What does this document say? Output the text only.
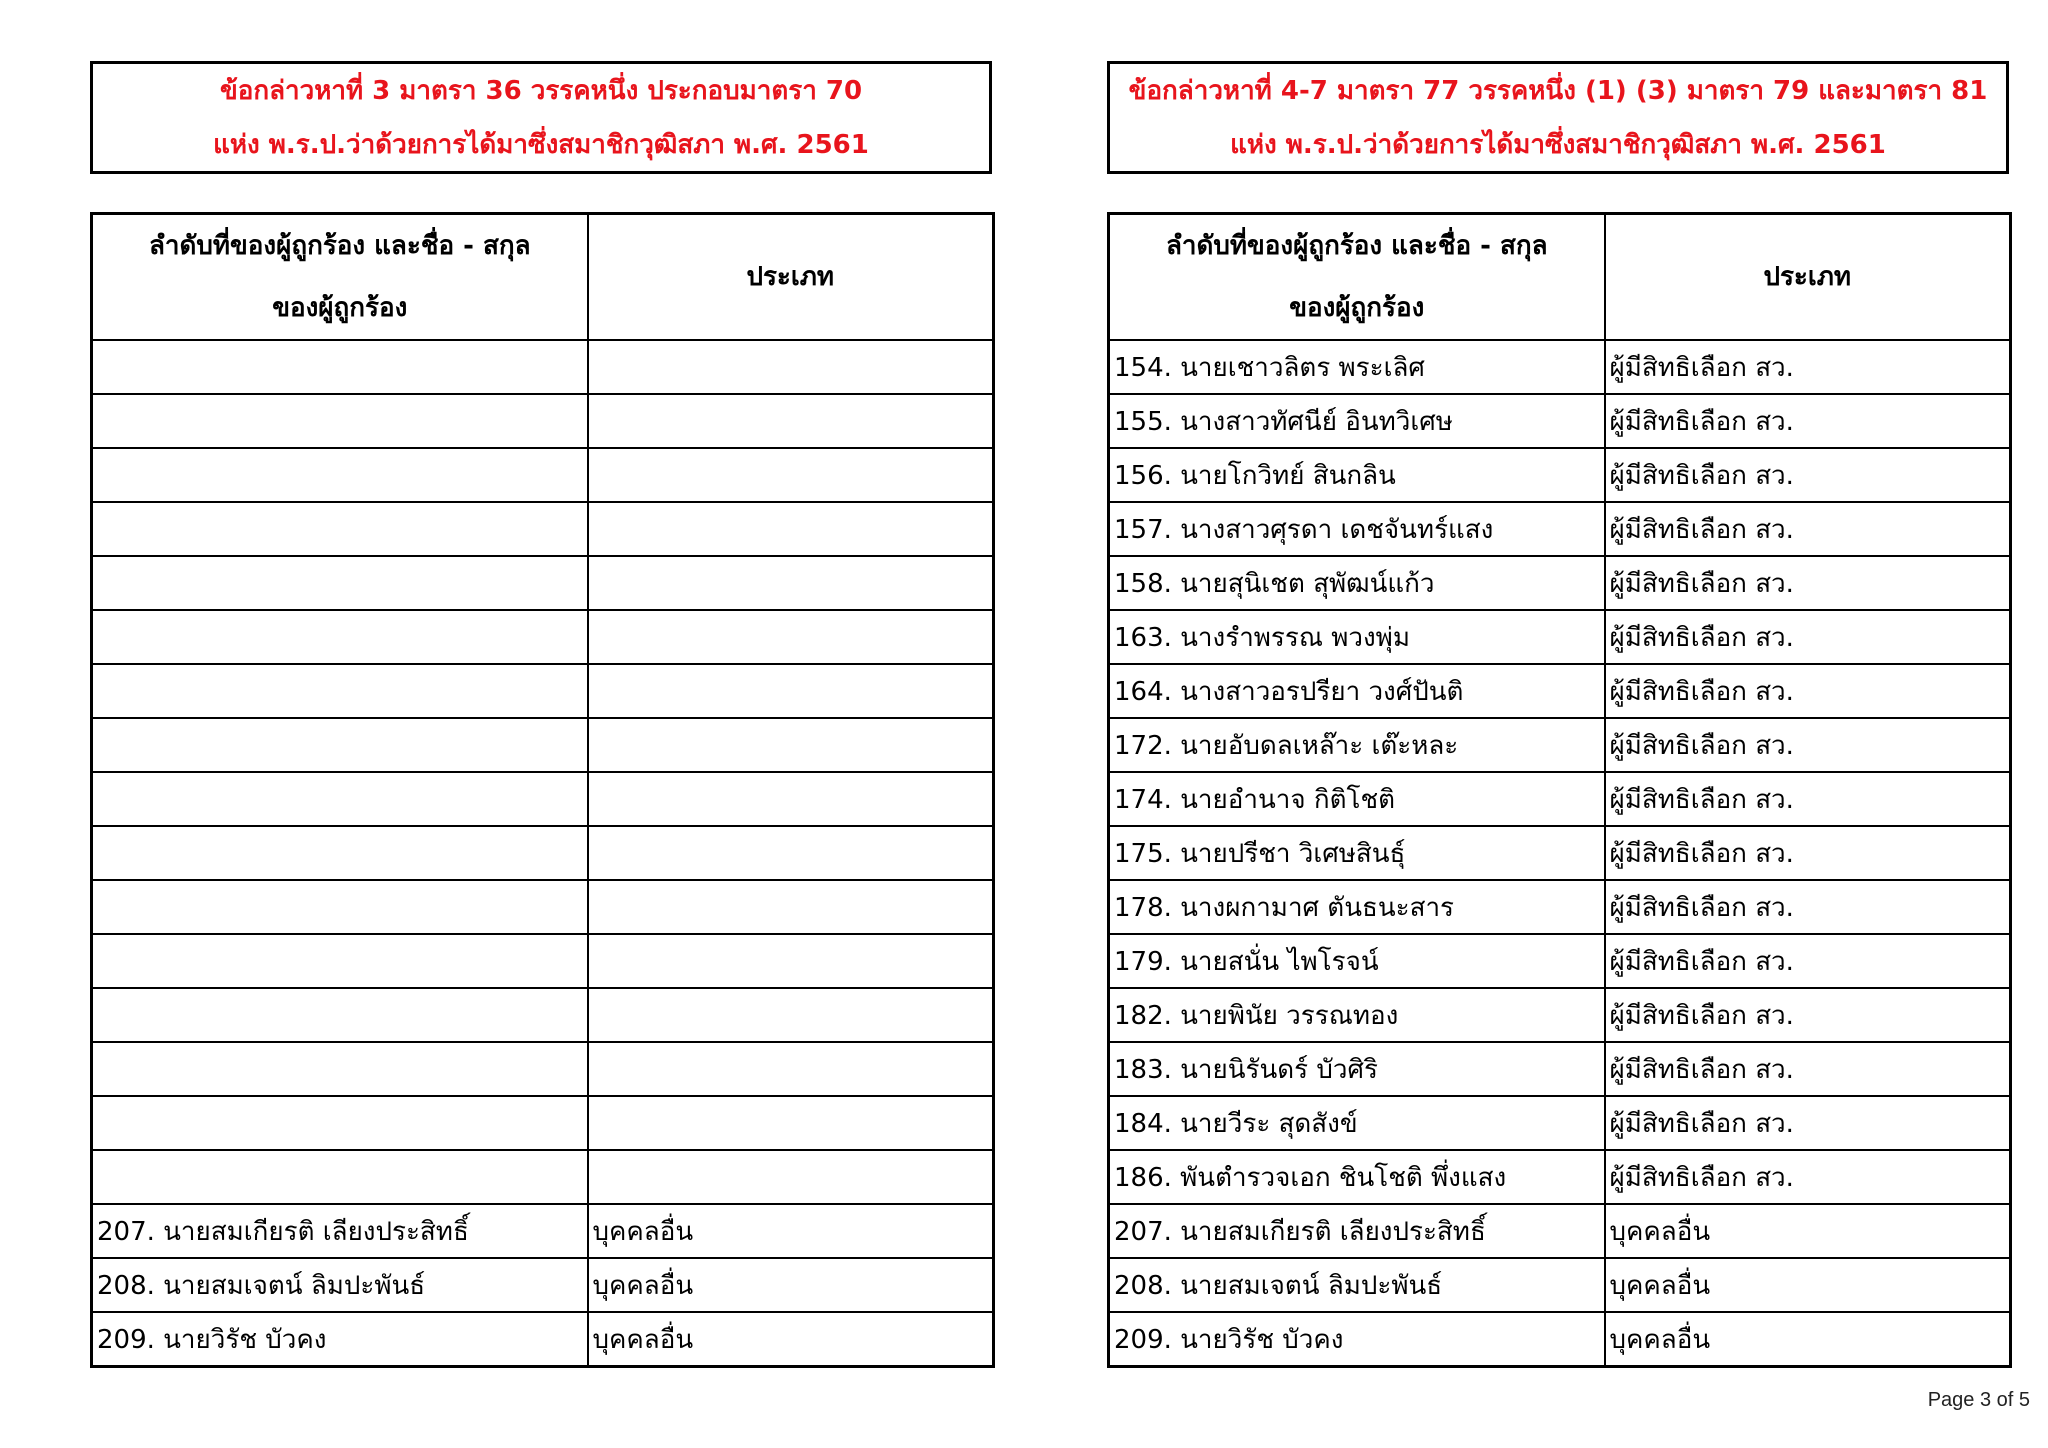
ข้อกล่าวหาที่ 3 มาตรา 36 วรรคหนึ่ง ประกอบมาตรา 70
แห่ง พ.ร.ป.ว่าด้วยการได้มาซึ่งสมาชิกวุฒิสภา พ.ศ. 2561
ลำดับที่ของผู้ถูกร้อง และชื่อ - สกุล
ของผู้ถูกร้อง	ประเภท

207. นายสมเกียรติ เลียงประสิทธิ์	บุคคลอื่น
208. นายสมเจตน์ ลิมปะพันธ์	บุคคลอื่น
209. นายวิรัช บัวคง	บุคคลอื่น
ข้อกล่าวหาที่ 4-7 มาตรา 77 วรรคหนึ่ง (1) (3) มาตรา 79 และมาตรา 81
แห่ง พ.ร.ป.ว่าด้วยการได้มาซึ่งสมาชิกวุฒิสภา พ.ศ. 2561
ลำดับที่ของผู้ถูกร้อง และชื่อ - สกุล
ของผู้ถูกร้อง	ประเภท
154. นายเชาวลิตร พระเลิศ	ผู้มีสิทธิเลือก สว.
155. นางสาวทัศนีย์ อินทวิเศษ	ผู้มีสิทธิเลือก สว.
156. นายโกวิทย์ สินกลิน	ผู้มีสิทธิเลือก สว.
157. นางสาวศุรดา เดชจันทร์แสง	ผู้มีสิทธิเลือก สว.
158. นายสุนิเชต สุพัฒน์แก้ว	ผู้มีสิทธิเลือก สว.
163. นางรำพรรณ พวงพุ่ม	ผู้มีสิทธิเลือก สว.
164. นางสาวอรปรียา วงศ์ปันติ	ผู้มีสิทธิเลือก สว.
172. นายอับดลเหล๊าะ เต๊ะหละ	ผู้มีสิทธิเลือก สว.
174. นายอำนาจ กิติโชติ	ผู้มีสิทธิเลือก สว.
175. นายปรีชา วิเศษสินธุ์	ผู้มีสิทธิเลือก สว.
178. นางผกามาศ ตันธนะสาร	ผู้มีสิทธิเลือก สว.
179. นายสนั่น ไพโรจน์	ผู้มีสิทธิเลือก สว.
182. นายพินัย วรรณทอง	ผู้มีสิทธิเลือก สว.
183. นายนิรันดร์ บัวศิริ	ผู้มีสิทธิเลือก สว.
184. นายวีระ สุดสังข์	ผู้มีสิทธิเลือก สว.
186. พันตำรวจเอก ชินโชติ พึ่งแสง	ผู้มีสิทธิเลือก สว.
207. นายสมเกียรติ เลียงประสิทธิ์	บุคคลอื่น
208. นายสมเจตน์ ลิมปะพันธ์	บุคคลอื่น
209. นายวิรัช บัวคง	บุคคลอื่น
Page 3 of 5
